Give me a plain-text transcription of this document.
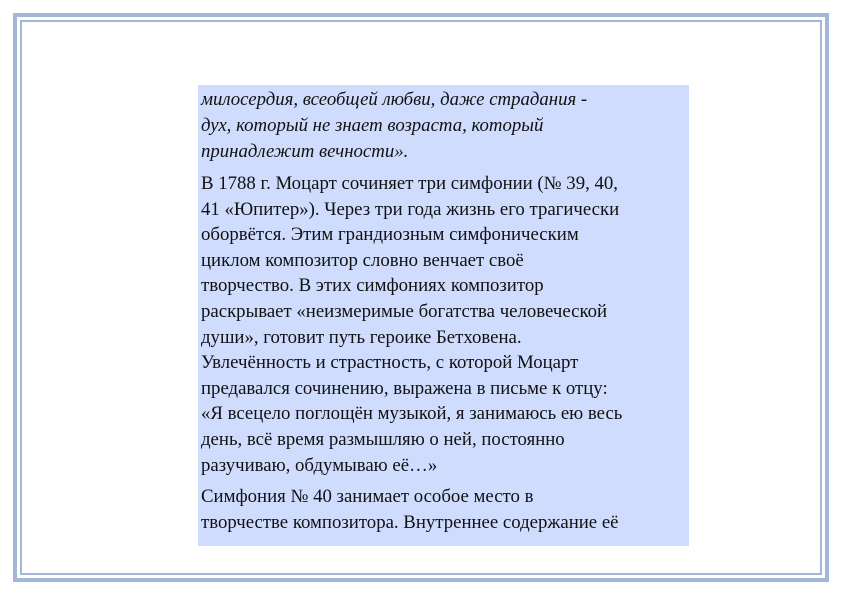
милосердия, всеобщей любви, даже страдания -
дух, который не знает возраста, который
принадлежит вечности».

В 1788 г. Моцарт сочиняет три симфонии (№ 39, 40,
41 «Юпитер»). Через три года жизнь его трагически
оборвётся. Этим грандиозным симфоническим
циклом композитор словно венчает своё
творчество. В этих симфониях композитор
раскрывает «неизмеримые богатства человеческой
души», готовит путь героике Бетховена.
Увлечённость и страстность, с которой Моцарт
предавался сочинению, выражена в письме к отцу:
«Я всецело поглощён музыкой, я занимаюсь ею весь
день, всё время размышляю о ней, постоянно
разучиваю, обдумываю её…»

Симфония № 40 занимает особое место в
творчестве композитора. Внутреннее содержание её
